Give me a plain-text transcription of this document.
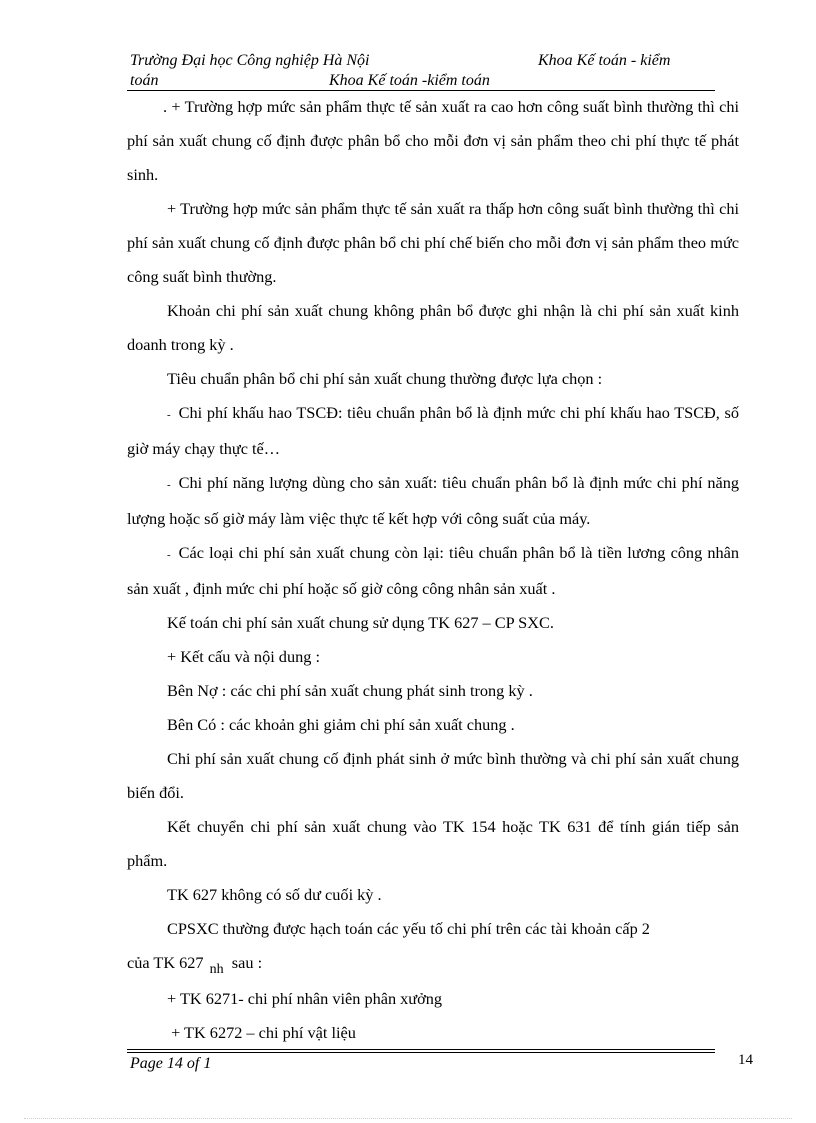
Trường Đại học Công nghiệp Hà Nội	Khoa Kế toán - kiểm
toán	Khoa Kế toán -kiểm toán

. + Trường hợp mức sản phẩm thực tế sản xuất ra cao hơn công suất bình thường thì chi phí sản xuất chung cố định được phân bổ cho mỗi đơn vị sản phẩm theo chi phí thực tế phát sinh.

+ Trường hợp mức sản phẩm thực tế sản xuất ra thấp hơn công suất bình thường thì chi phí sản xuất chung cố định được phân bổ chi phí chế biến cho mỗi đơn vị sản phẩm theo mức công suất bình thường.

Khoản chi phí sản xuất chung không phân bổ được ghi nhận là chi phí sản xuất kinh doanh trong kỳ .

Tiêu chuẩn phân bổ chi phí sản xuất chung thường được lựa chọn :

- Chi phí khấu hao TSCĐ: tiêu chuẩn phân bổ là định mức chi phí khấu hao TSCĐ, số giờ máy chạy thực tế…

- Chi phí năng lượng dùng cho sản xuất: tiêu chuẩn phân bổ là định mức chi phí năng lượng hoặc số giờ máy làm việc thực tế kết hợp với công suất của máy.

- Các loại chi phí sản xuất chung còn lại: tiêu chuẩn phân bổ là tiền lương công nhân sản xuất , định mức chi phí hoặc số giờ công công nhân sản xuất .

Kế toán chi phí sản xuất chung sử dụng TK 627 – CP SXC.

+ Kết cấu và nội dung :

Bên Nợ : các chi phí sản xuất chung phát sinh trong kỳ .

Bên Có : các khoản ghi giảm chi phí sản xuất chung .

Chi phí sản xuất chung cố định phát sinh ở mức bình thường và chi phí sản xuất chung biến đổi.

Kết chuyển chi phí sản xuất chung vào TK 154 hoặc TK 631 để tính gián tiếp sản phẩm.

TK 627 không có số dư cuối kỳ .

CPSXC thường được hạch toán các yếu tố chi phí trên các tài khoản cấp 2

của TK 627 nh sau :

+ TK 6271- chi phí nhân viên phân xưởng

+ TK 6272 – chi phí vật liệu

Page 14 of 1	14
